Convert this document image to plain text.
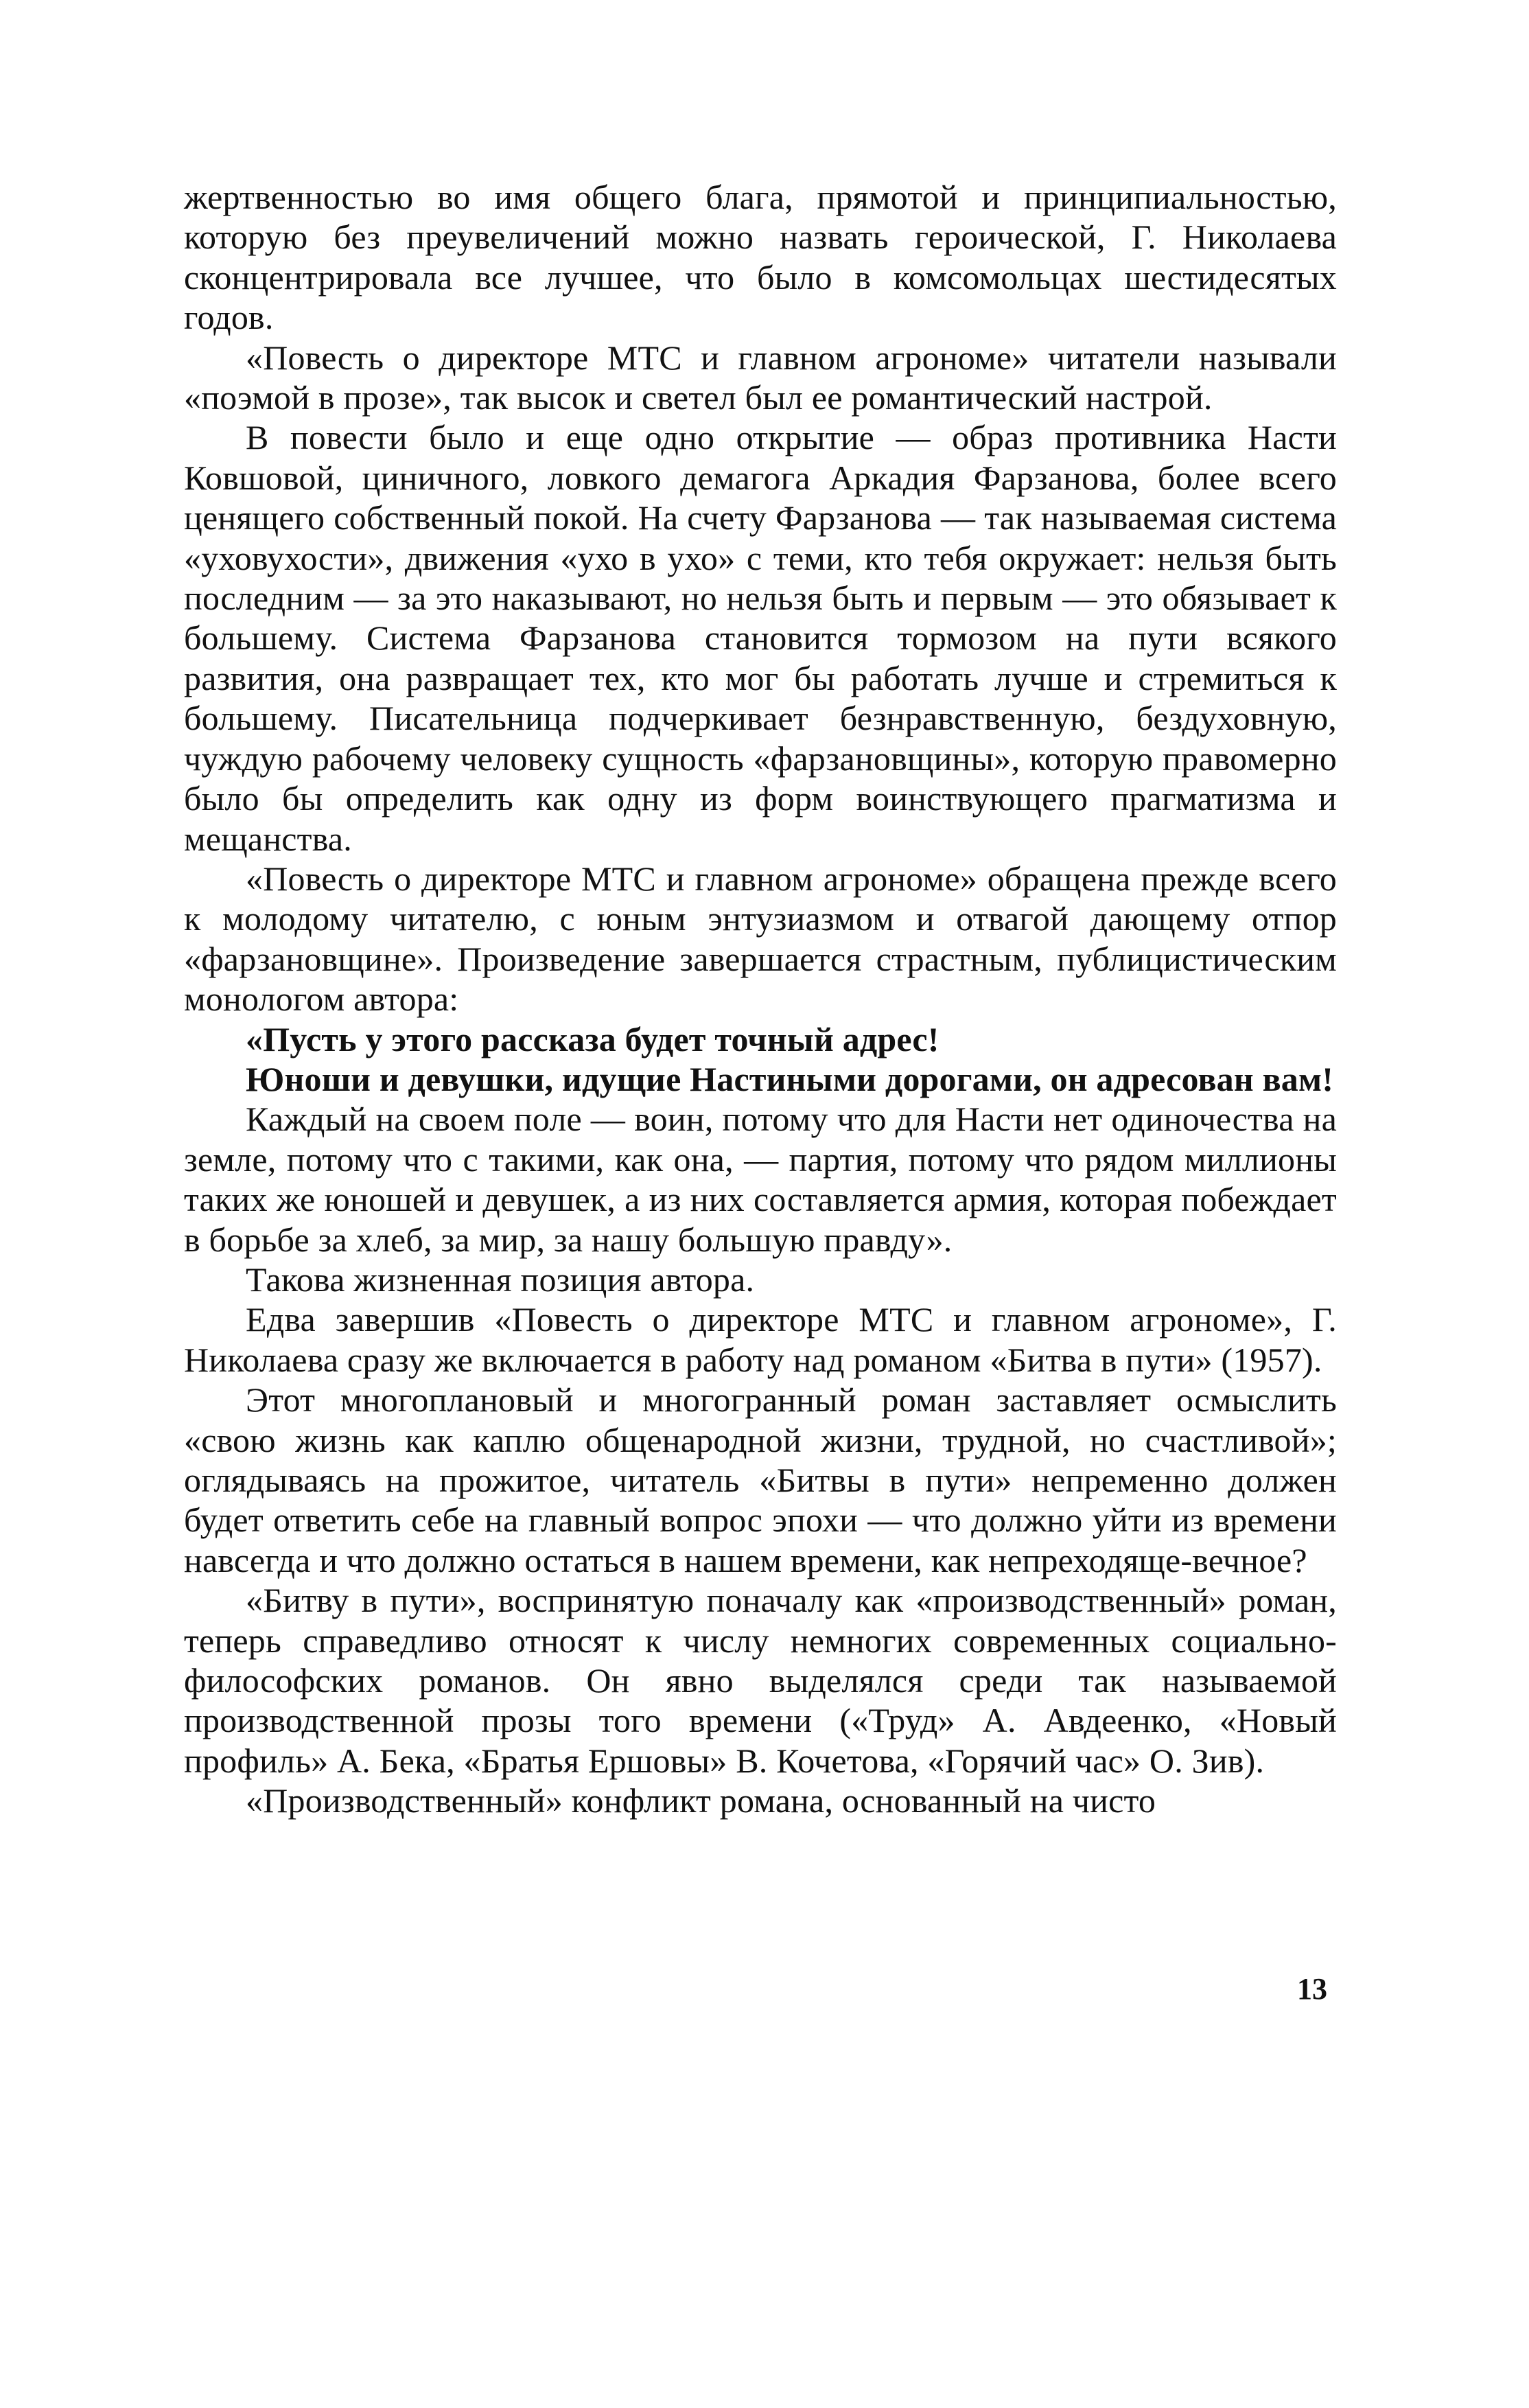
жертвенностью во имя общего блага, прямотой и принципиальностью, которую без преувеличений можно назвать героической, Г. Николаева сконцентрировала все лучшее, что было в комсомольцах шестидесятых годов.

«Повесть о директоре МТС и главном агрономе» читатели называли «поэмой в прозе», так высок и светел был ее романтический настрой.

В повести было и еще одно открытие — образ противника Насти Ковшовой, циничного, ловкого демагога Аркадия Фарзанова, более всего ценящего собственный покой. На счету Фарзанова — так называемая система «уховухости», движения «ухо в ухо» с теми, кто тебя окружает: нельзя быть последним — за это наказывают, но нельзя быть и первым — это обязывает к большему. Система Фарзанова становится тормозом на пути всякого развития, она развращает тех, кто мог бы работать лучше и стремиться к большему. Писательница подчеркивает безнравственную, бездуховную, чуждую рабочему человеку сущность «фарзановщины», которую правомерно было бы определить как одну из форм воинствующего прагматизма и мещанства.

«Повесть о директоре МТС и главном агрономе» обращена прежде всего к молодому читателю, с юным энтузиазмом и отвагой дающему отпор «фарзановщине». Произведение завершается страстным, публицистическим монологом автора:

«Пусть у этого рассказа будет точный адрес!

Юноши и девушки, идущие Настиными дорогами, он адресован вам!

Каждый на своем поле — воин, потому что для Насти нет одиночества на земле, потому что с такими, как она, — партия, потому что рядом миллионы таких же юношей и девушек, а из них составляется армия, которая побеждает в борьбе за хлеб, за мир, за нашу большую правду».

Такова жизненная позиция автора.

Едва завершив «Повесть о директоре МТС и главном агрономе», Г. Николаева сразу же включается в работу над романом «Битва в пути» (1957).

Этот многоплановый и многогранный роман заставляет осмыслить «свою жизнь как каплю общенародной жизни, трудной, но счастливой»; оглядываясь на прожитое, читатель «Битвы в пути» непременно должен будет ответить себе на главный вопрос эпохи — что должно уйти из времени навсегда и что должно остаться в нашем времени, как непреходяще-вечное?

«Битву в пути», воспринятую поначалу как «производственный» роман, теперь справедливо относят к числу немногих современных социально-философских романов. Он явно выделялся среди так называемой производственной прозы того времени («Труд» А. Авдеенко, «Новый профиль» А. Бека, «Братья Ершовы» В. Кочетова, «Горячий час» О. Зив).

«Производственный» конфликт романа, основанный на чисто

13
